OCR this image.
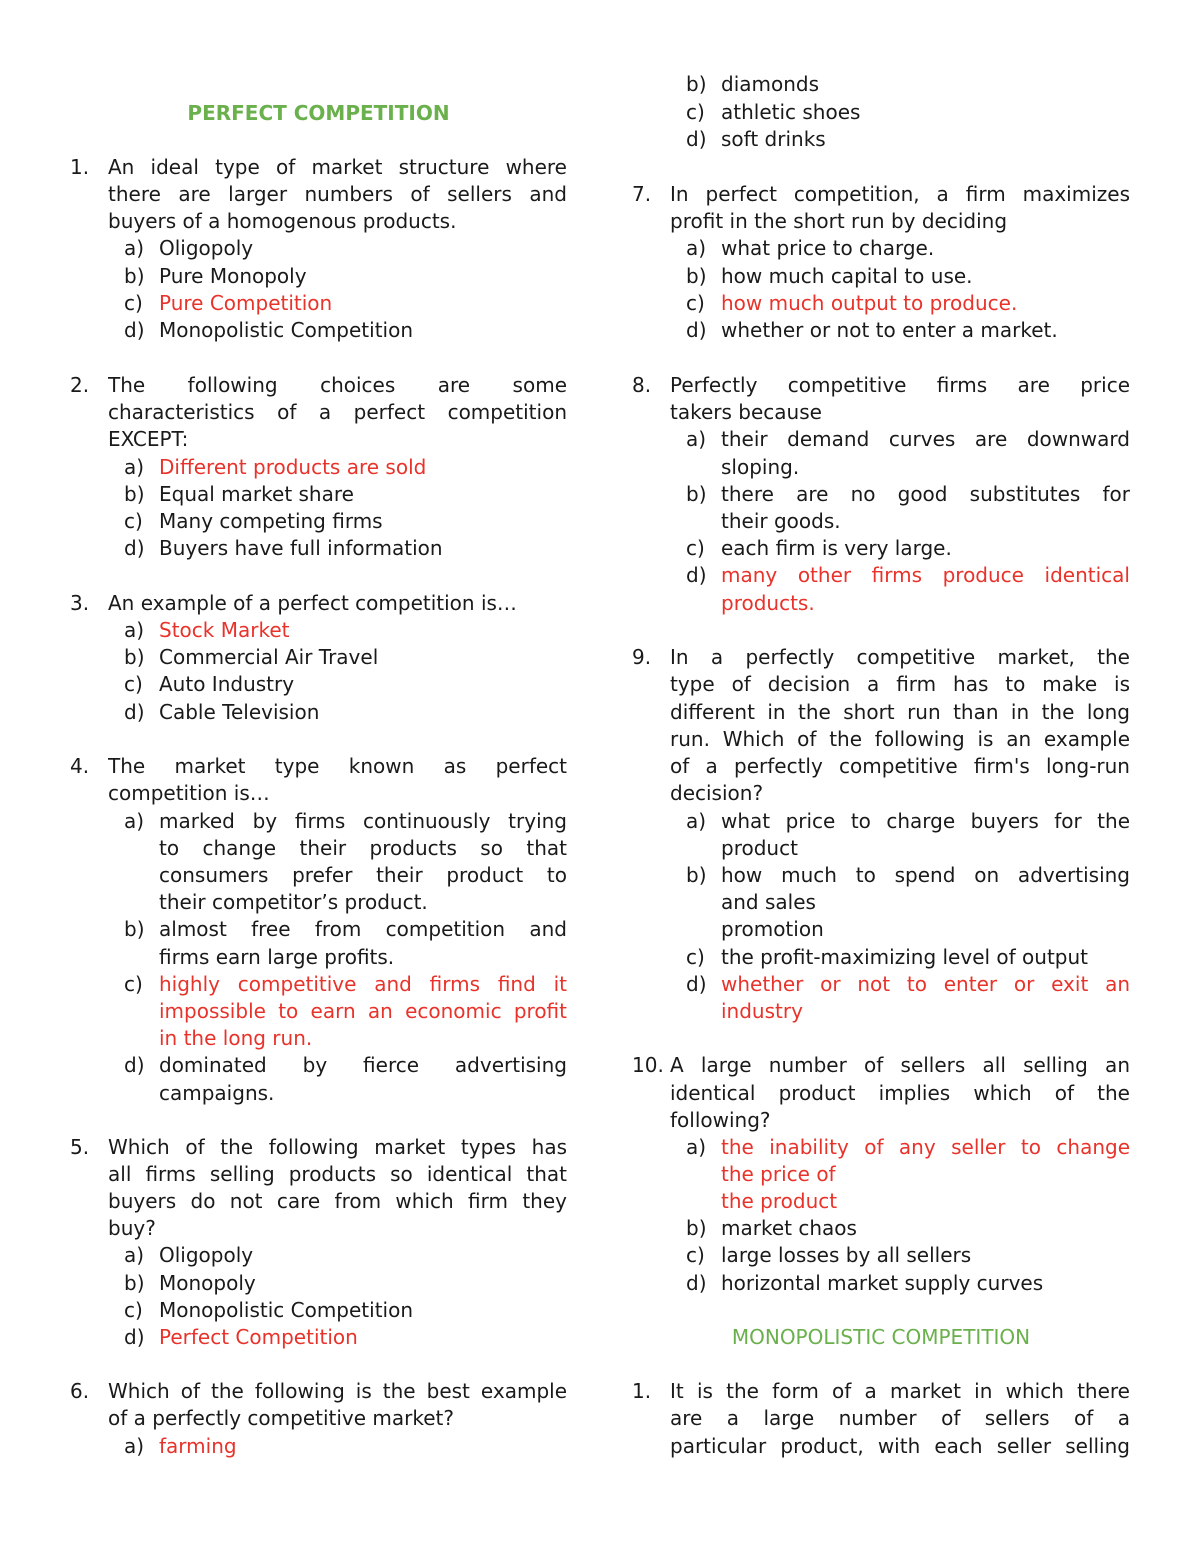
PERFECT COMPETITION
1. An ideal type of market structure where
there are larger numbers of sellers and
buyers of a homogenous products.
a) Oligopoly
b) Pure Monopoly
c) Pure Competition
d) Monopolistic Competition
2. The following choices are some
characteristics of a perfect competition
EXCEPT:
a) Different products are sold
b) Equal market share
c) Many competing firms
d) Buyers have full information
3. An example of a perfect competition is…
a) Stock Market
b) Commercial Air Travel
c) Auto Industry
d) Cable Television
4. The market type known as perfect
competition is…
a) marked by firms continuously trying
to change their products so that
consumers prefer their product to
their competitor’s product.
b) almost free from competition and
firms earn large profits.
c) highly competitive and firms find it
impossible to earn an economic profit
in the long run.
d) dominated by fierce advertising
campaigns.
5. Which of the following market types has
all firms selling products so identical that
buyers do not care from which firm they
buy?
a) Oligopoly
b) Monopoly
c) Monopolistic Competition
d) Perfect Competition
6. Which of the following is the best example
of a perfectly competitive market?
a) farming
b) diamonds
c) athletic shoes
d) soft drinks
7. In perfect competition, a firm maximizes
profit in the short run by deciding
a) what price to charge.
b) how much capital to use.
c) how much output to produce.
d) whether or not to enter a market.
8. Perfectly competitive firms are price
takers because
a) their demand curves are downward
sloping.
b) there are no good substitutes for
their goods.
c) each firm is very large.
d) many other firms produce identical
products.
9. In a perfectly competitive market, the
type of decision a firm has to make is
different in the short run than in the long
run. Which of the following is an example
of a perfectly competitive firm's long-run
decision?
a) what price to charge buyers for the
product
b) how much to spend on advertising
and sales
promotion
c) the profit-maximizing level of output
d) whether or not to enter or exit an
industry
10. A large number of sellers all selling an
identical product implies which of the
following?
a) the inability of any seller to change
the price of
the product
b) market chaos
c) large losses by all sellers
d) horizontal market supply curves
MONOPOLISTIC COMPETITION
1. It is the form of a market in which there
are a large number of sellers of a
particular product, with each seller selling
